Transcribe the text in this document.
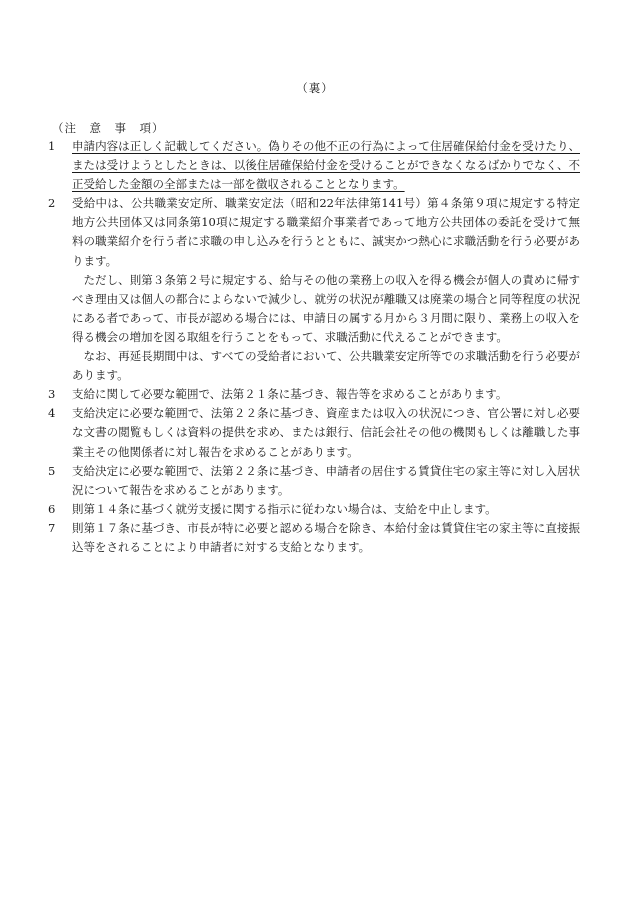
（裏）
（注　意　事　項）
1	申請内容は正しく記載してください。偽りその他不正の行為によって住居確保給付金を受けたり、または受けようとしたときは、以後住居確保給付金を受けることができなくなるばかりでなく、不正受給した金額の全部または一部を徴収されることとなります。
2	受給中は、公共職業安定所、職業安定法（昭和22年法律第141号）第４条第９項に規定する特定地方公共団体又は同条第10項に規定する職業紹介事業者であって地方公共団体の委託を受けて無料の職業紹介を行う者に求職の申し込みを行うとともに、誠実かつ熱心に求職活動を行う必要があります。
ただし、則第３条第２号に規定する、給与その他の業務上の収入を得る機会が個人の責めに帰すべき理由又は個人の都合によらないで減少し、就労の状況が離職又は廃業の場合と同等程度の状況にある者であって、市長が認める場合には、申請日の属する月から３月間に限り、業務上の収入を得る機会の増加を図る取組を行うことをもって、求職活動に代えることができます。
なお、再延長期間中は、すべての受給者において、公共職業安定所等での求職活動を行う必要があります。
3	支給に関して必要な範囲で、法第２１条に基づき、報告等を求めることがあります。
4	支給決定に必要な範囲で、法第２２条に基づき、資産または収入の状況につき、官公署に対し必要な文書の閲覧もしくは資料の提供を求め、または銀行、信託会社その他の機関もしくは離職した事業主その他関係者に対し報告を求めることがあります。
5	支給決定に必要な範囲で、法第２２条に基づき、申請者の居住する賃貸住宅の家主等に対し入居状況について報告を求めることがあります。
6	則第１４条に基づく就労支援に関する指示に従わない場合は、支給を中止します。
7	則第１７条に基づき、市長が特に必要と認める場合を除き、本給付金は賃貸住宅の家主等に直接振込等をされることにより申請者に対する支給となります。
